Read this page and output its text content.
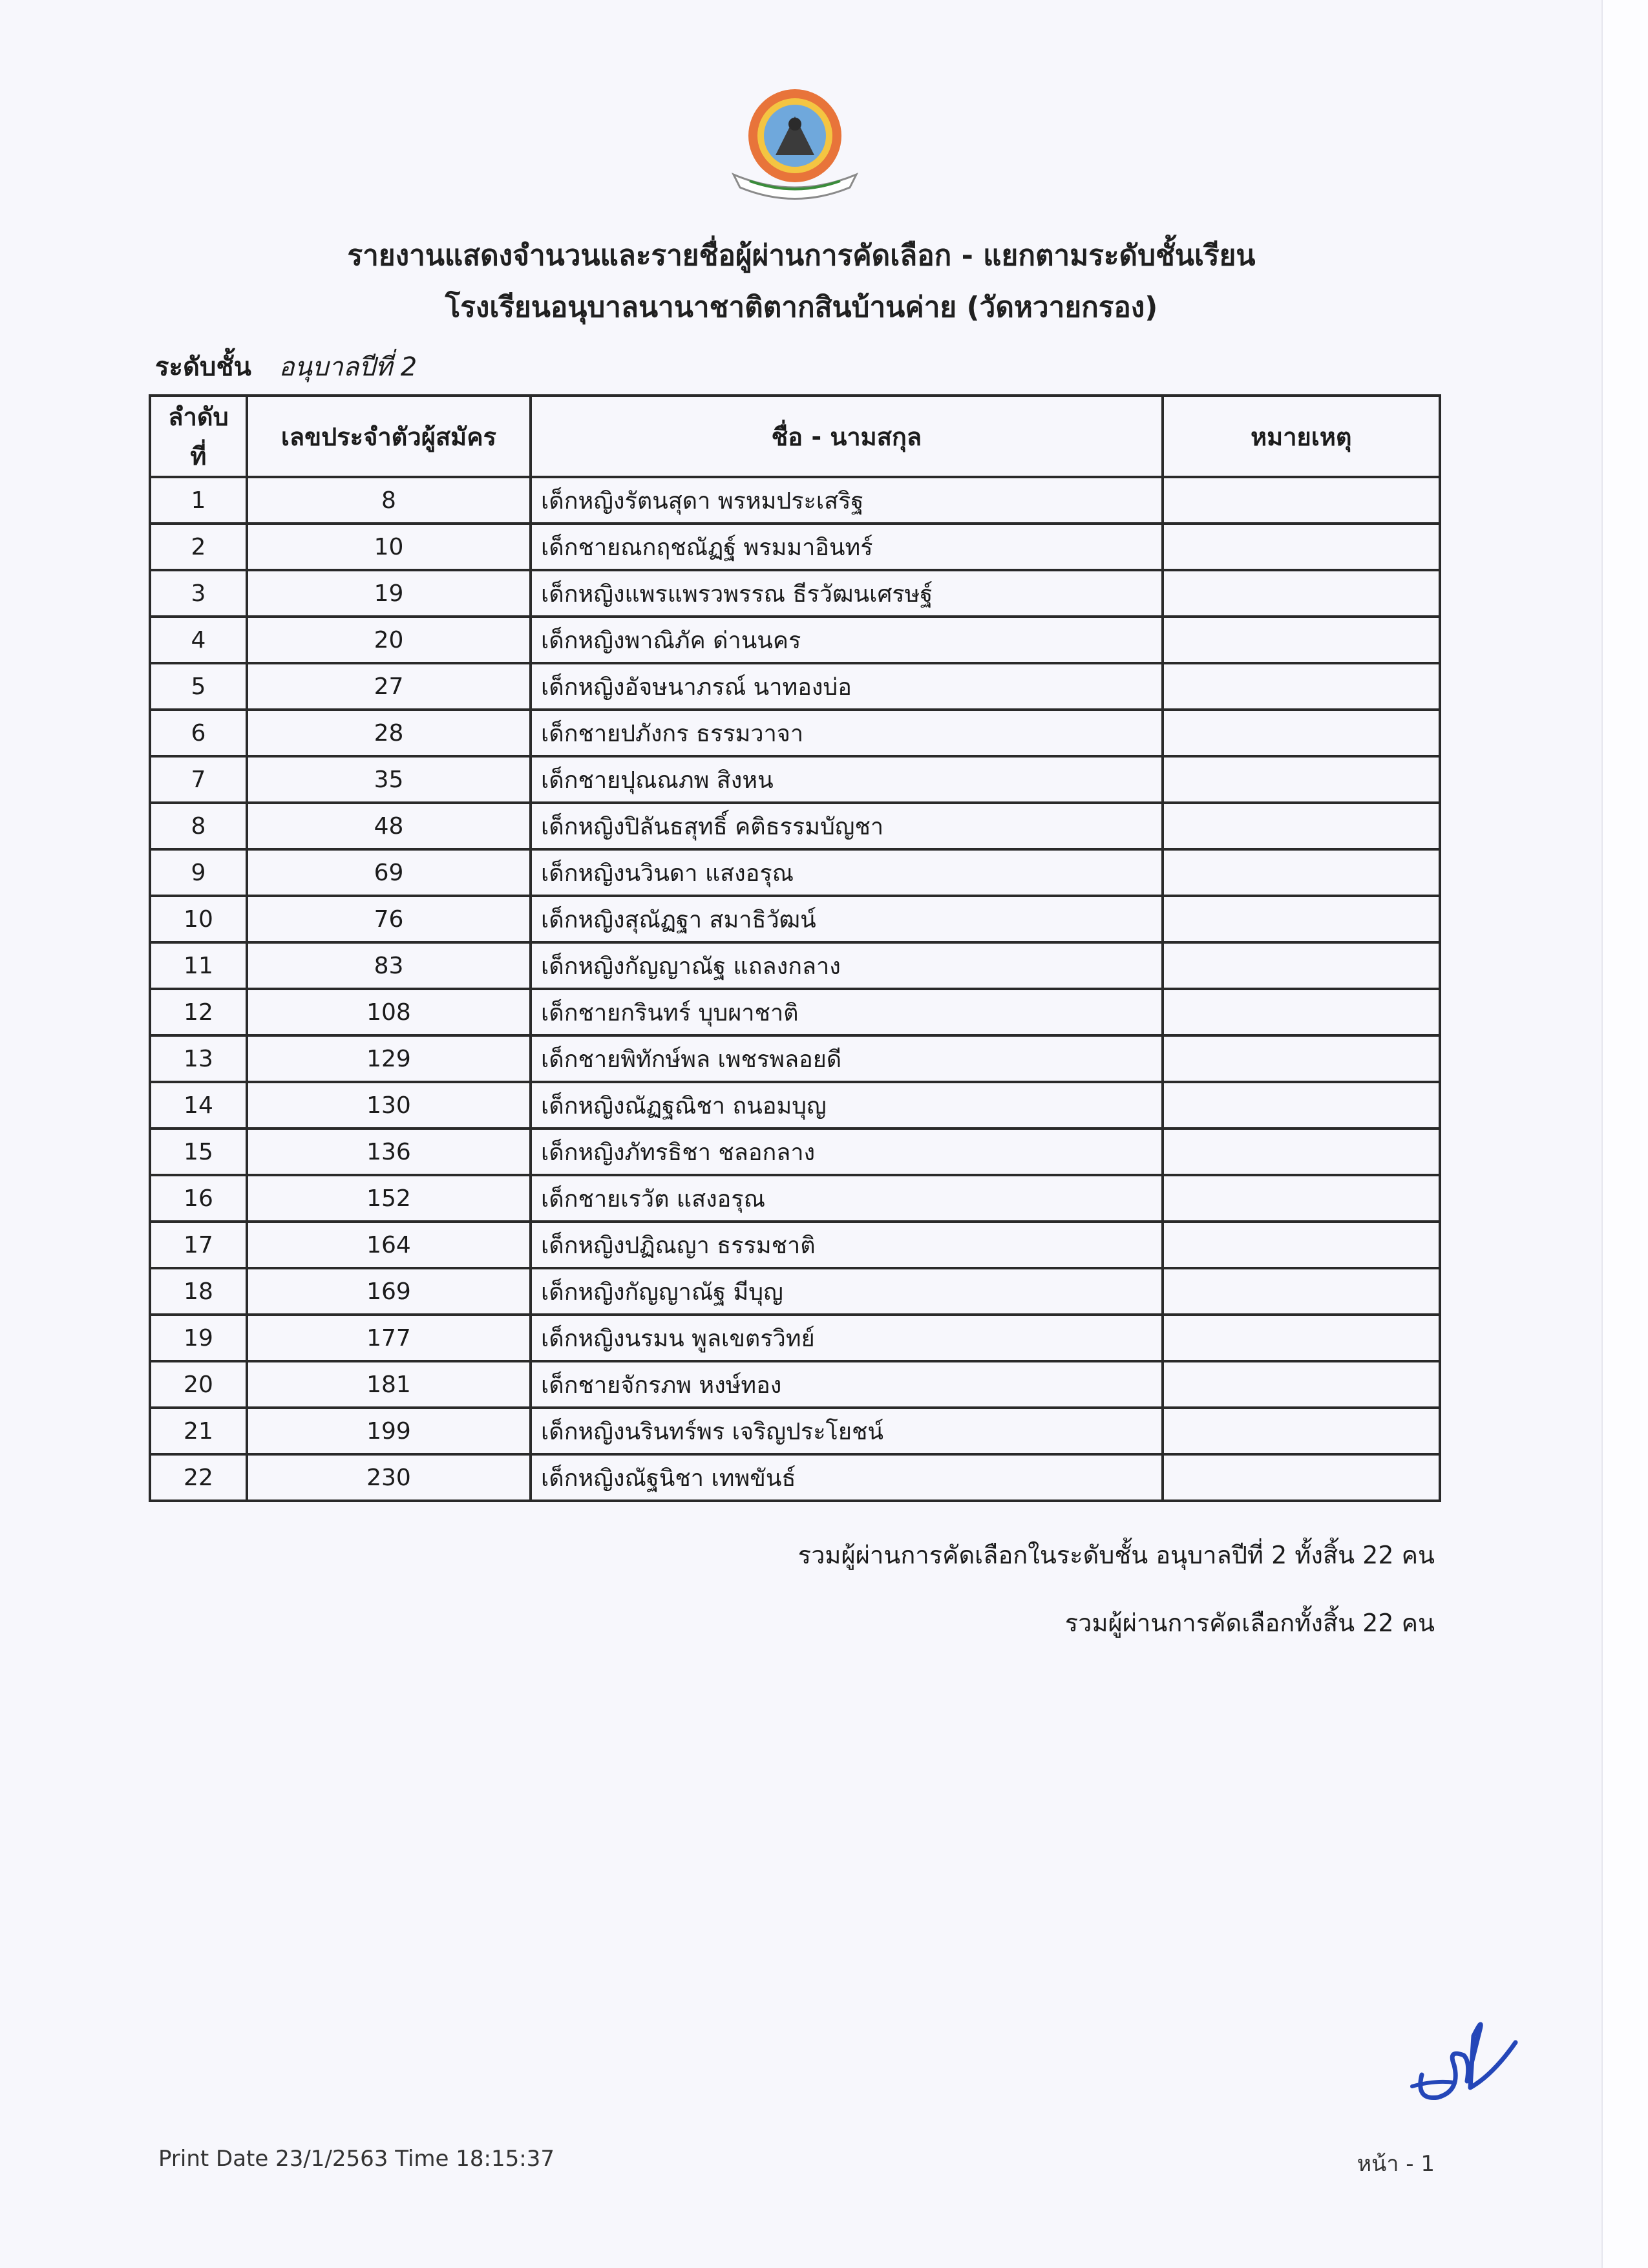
รายงานแสดงจำนวนและรายชื่อผู้ผ่านการคัดเลือก - แยกตามระดับชั้นเรียน
โรงเรียนอนุบาลนานาชาติตากสินบ้านค่าย (วัดหวายกรอง)
ระดับชั้น อนุบาลปีที่ 2
ลำดับที่	เลขประจำตัวผู้สมัคร	ชื่อ - นามสกุล	หมายเหตุ
1	8	เด็กหญิงรัตนสุดา พรหมประเสริฐ	
2	10	เด็กชายณกฤชณัฏฐ์ พรมมาอินทร์	
3	19	เด็กหญิงแพรแพรวพรรณ ธีรวัฒนเศรษฐ์	
4	20	เด็กหญิงพาณิภัค ด่านนคร	
5	27	เด็กหญิงอัจษนาภรณ์ นาทองบ่อ	
6	28	เด็กชายปภังกร ธรรมวาจา	
7	35	เด็กชายปุณณภพ สิงหน	
8	48	เด็กหญิงปิลันธสุทธิ์ คติธรรมบัญชา	
9	69	เด็กหญิงนวินดา แสงอรุณ	
10	76	เด็กหญิงสุณัฏฐา สมาธิวัฒน์	
11	83	เด็กหญิงกัญญาณัฐ แถลงกลาง	
12	108	เด็กชายกรินทร์ บุบผาชาติ	
13	129	เด็กชายพิทักษ์พล เพชรพลอยดี	
14	130	เด็กหญิงณัฏฐณิชา ถนอมบุญ	
15	136	เด็กหญิงภัทรธิชา ชลอกลาง	
16	152	เด็กชายเรวัต แสงอรุณ	
17	164	เด็กหญิงปฏิณญา ธรรมชาติ	
18	169	เด็กหญิงกัญญาณัฐ มีบุญ	
19	177	เด็กหญิงนรมน พูลเขตรวิทย์	
20	181	เด็กชายจักรภพ หงษ์ทอง	
21	199	เด็กหญิงนรินทร์พร เจริญประโยชน์	
22	230	เด็กหญิงณัฐนิชา เทพขันธ์	
รวมผู้ผ่านการคัดเลือกในระดับชั้น อนุบาลปีที่ 2 ทั้งสิ้น 22 คน
รวมผู้ผ่านการคัดเลือกทั้งสิ้น 22 คน
Print Date 23/1/2563 Time 18:15:37	หน้า - 1
